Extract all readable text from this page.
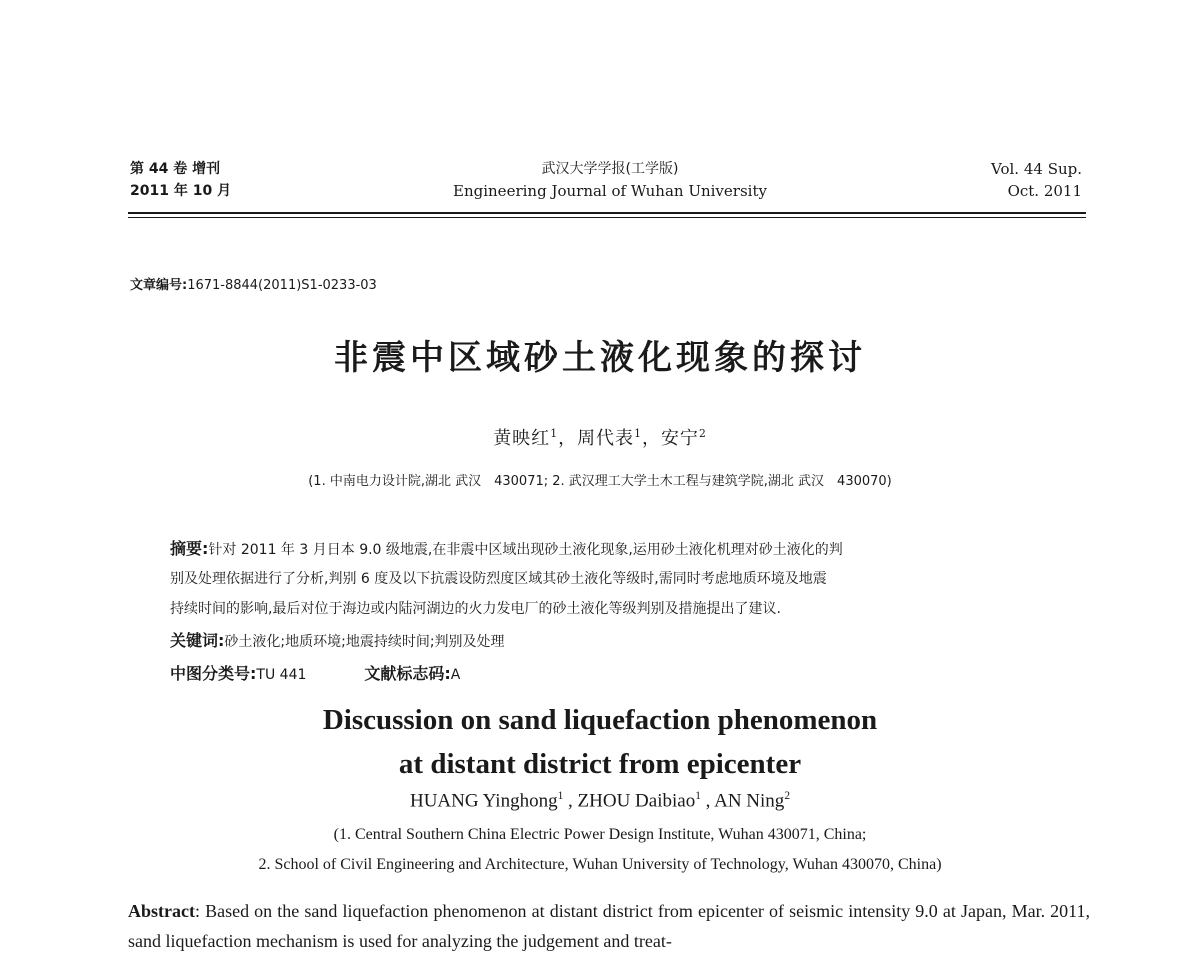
第 44 卷 增刊
2011 年 10 月
武汉大学学报(工学版)
Engineering Journal of Wuhan University
Vol. 44 Sup.
Oct. 2011
文章编号:1671-8844(2011)S1-0233-03
非震中区域砂土液化现象的探讨
黄映红$^1$，周代表$^1$，安宁$^2$
(1. 中南电力设计院,湖北 武汉　430071; 2. 武汉理工大学土木工程与建筑学院,湖北 武汉　430070)
摘要:针对 2011 年 3 月日本 9.0 级地震,在非震中区域出现砂土液化现象,运用砂土液化机理对砂土液化的判
别及处理依据进行了分析,判别 6 度及以下抗震设防烈度区域其砂土液化等级时,需同时考虑地质环境及地震
持续时间的影响,最后对位于海边或内陆河湖边的火力发电厂的砂土液化等级判别及措施提出了建议.
关键词:砂土液化;地质环境;地震持续时间;判别及处理
中图分类号:TU 441	文献标志码:A
Discussion on sand liquefaction phenomenon
at distant district from epicenter
HUANG Yinghong$^1$ , ZHOU Daibiao$^1$ , AN Ning$^2$
(1. Central Southern China Electric Power Design Institute, Wuhan 430071, China;
2. School of Civil Engineering and Architecture, Wuhan University of Technology, Wuhan 430070, China)
Abstract: Based on the sand liquefaction phenomenon at distant district from epicenter of seismic intensity 9.0 at Japan, Mar. 2011, sand liquefaction mechanism is used for analyzing the judgement and treat-
